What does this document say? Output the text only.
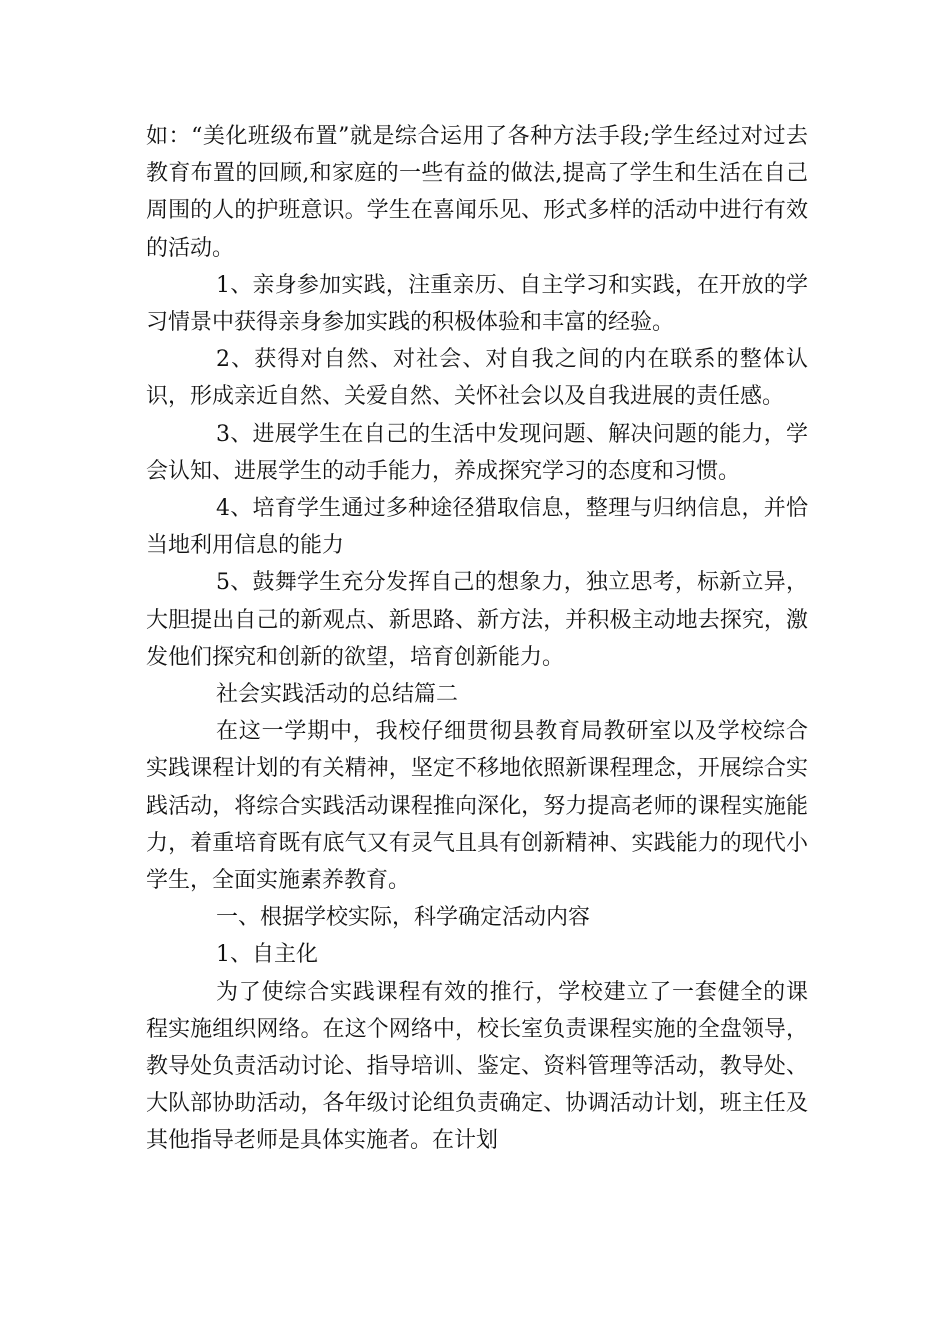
如：“美化班级布置”就是综合运用了各种方法手段;学生经过对过去教育布置的回顾,和家庭的一些有益的做法,提高了学生和生活在自己周围的人的护班意识。学生在喜闻乐见、形式多样的活动中进行有效的活动。

1、亲身参加实践，注重亲历、自主学习和实践，在开放的学习情景中获得亲身参加实践的积极体验和丰富的经验。

2、获得对自然、对社会、对自我之间的内在联系的整体认识，形成亲近自然、关爱自然、关怀社会以及自我进展的责任感。

3、进展学生在自己的生活中发现问题、解决问题的能力，学会认知、进展学生的动手能力，养成探究学习的态度和习惯。

4、培育学生通过多种途径猎取信息，整理与归纳信息，并恰当地利用信息的能力

5、鼓舞学生充分发挥自己的想象力，独立思考，标新立异，大胆提出自己的新观点、新思路、新方法，并积极主动地去探究，激发他们探究和创新的欲望，培育创新能力。

社会实践活动的总结篇二

在这一学期中，我校仔细贯彻县教育局教研室以及学校综合实践课程计划的有关精神，坚定不移地依照新课程理念，开展综合实践活动，将综合实践活动课程推向深化，努力提高老师的课程实施能力，着重培育既有底气又有灵气且具有创新精神、实践能力的现代小学生，全面实施素养教育。

一、根据学校实际，科学确定活动内容

1、自主化

为了使综合实践课程有效的推行，学校建立了一套健全的课程实施组织网络。在这个网络中，校长室负责课程实施的全盘领导，教导处负责活动讨论、指导培训、鉴定、资料管理等活动，教导处、大队部协助活动，各年级讨论组负责确定、协调活动计划，班主任及其他指导老师是具体实施者。在计划
